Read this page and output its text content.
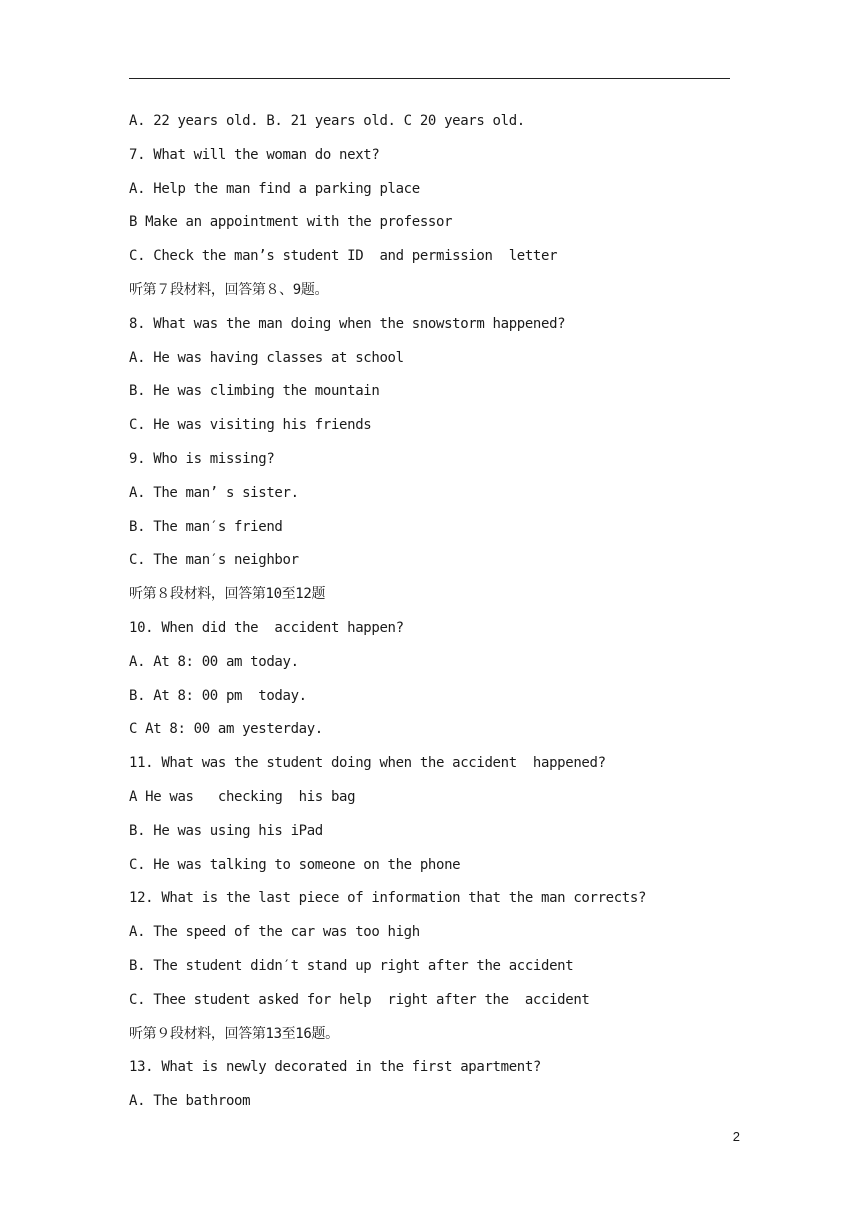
A. 22 years old. B. 21 years old. C 20 years old.
7. What will the woman do next?
A. Help the man find a parking place
B Make an appointment with the professor
C. Check the man’s student ID  and permission  letter
听第７段材料，回答第８、9题。
8. What was the man doing when the snowstorm happened?
A. He was having classes at school
B. He was climbing the mountain
C. He was visiting his friends
9. Who is missing?
A. The man’ s sister.
B. The man′s friend
C. The man′s neighbor
听第８段材料，回答第10至12题
10. When did the  accident happen?
A. At 8: 00 am today.
B. At 8: 00 pm  today.
C At 8: 00 am yesterday.
11. What was the student doing when the accident  happened?
A He was   checking  his bag
B. He was using his iPad
C. He was talking to someone on the phone
12. What is the last piece of information that the man corrects?
A. The speed of the car was too high
B. The student didn′t stand up right after the accident
C. Thee student asked for help  right after the  accident
听第９段材料，回答第13至16题。
13. What is newly decorated in the first apartment?
A. The bathroom
2
